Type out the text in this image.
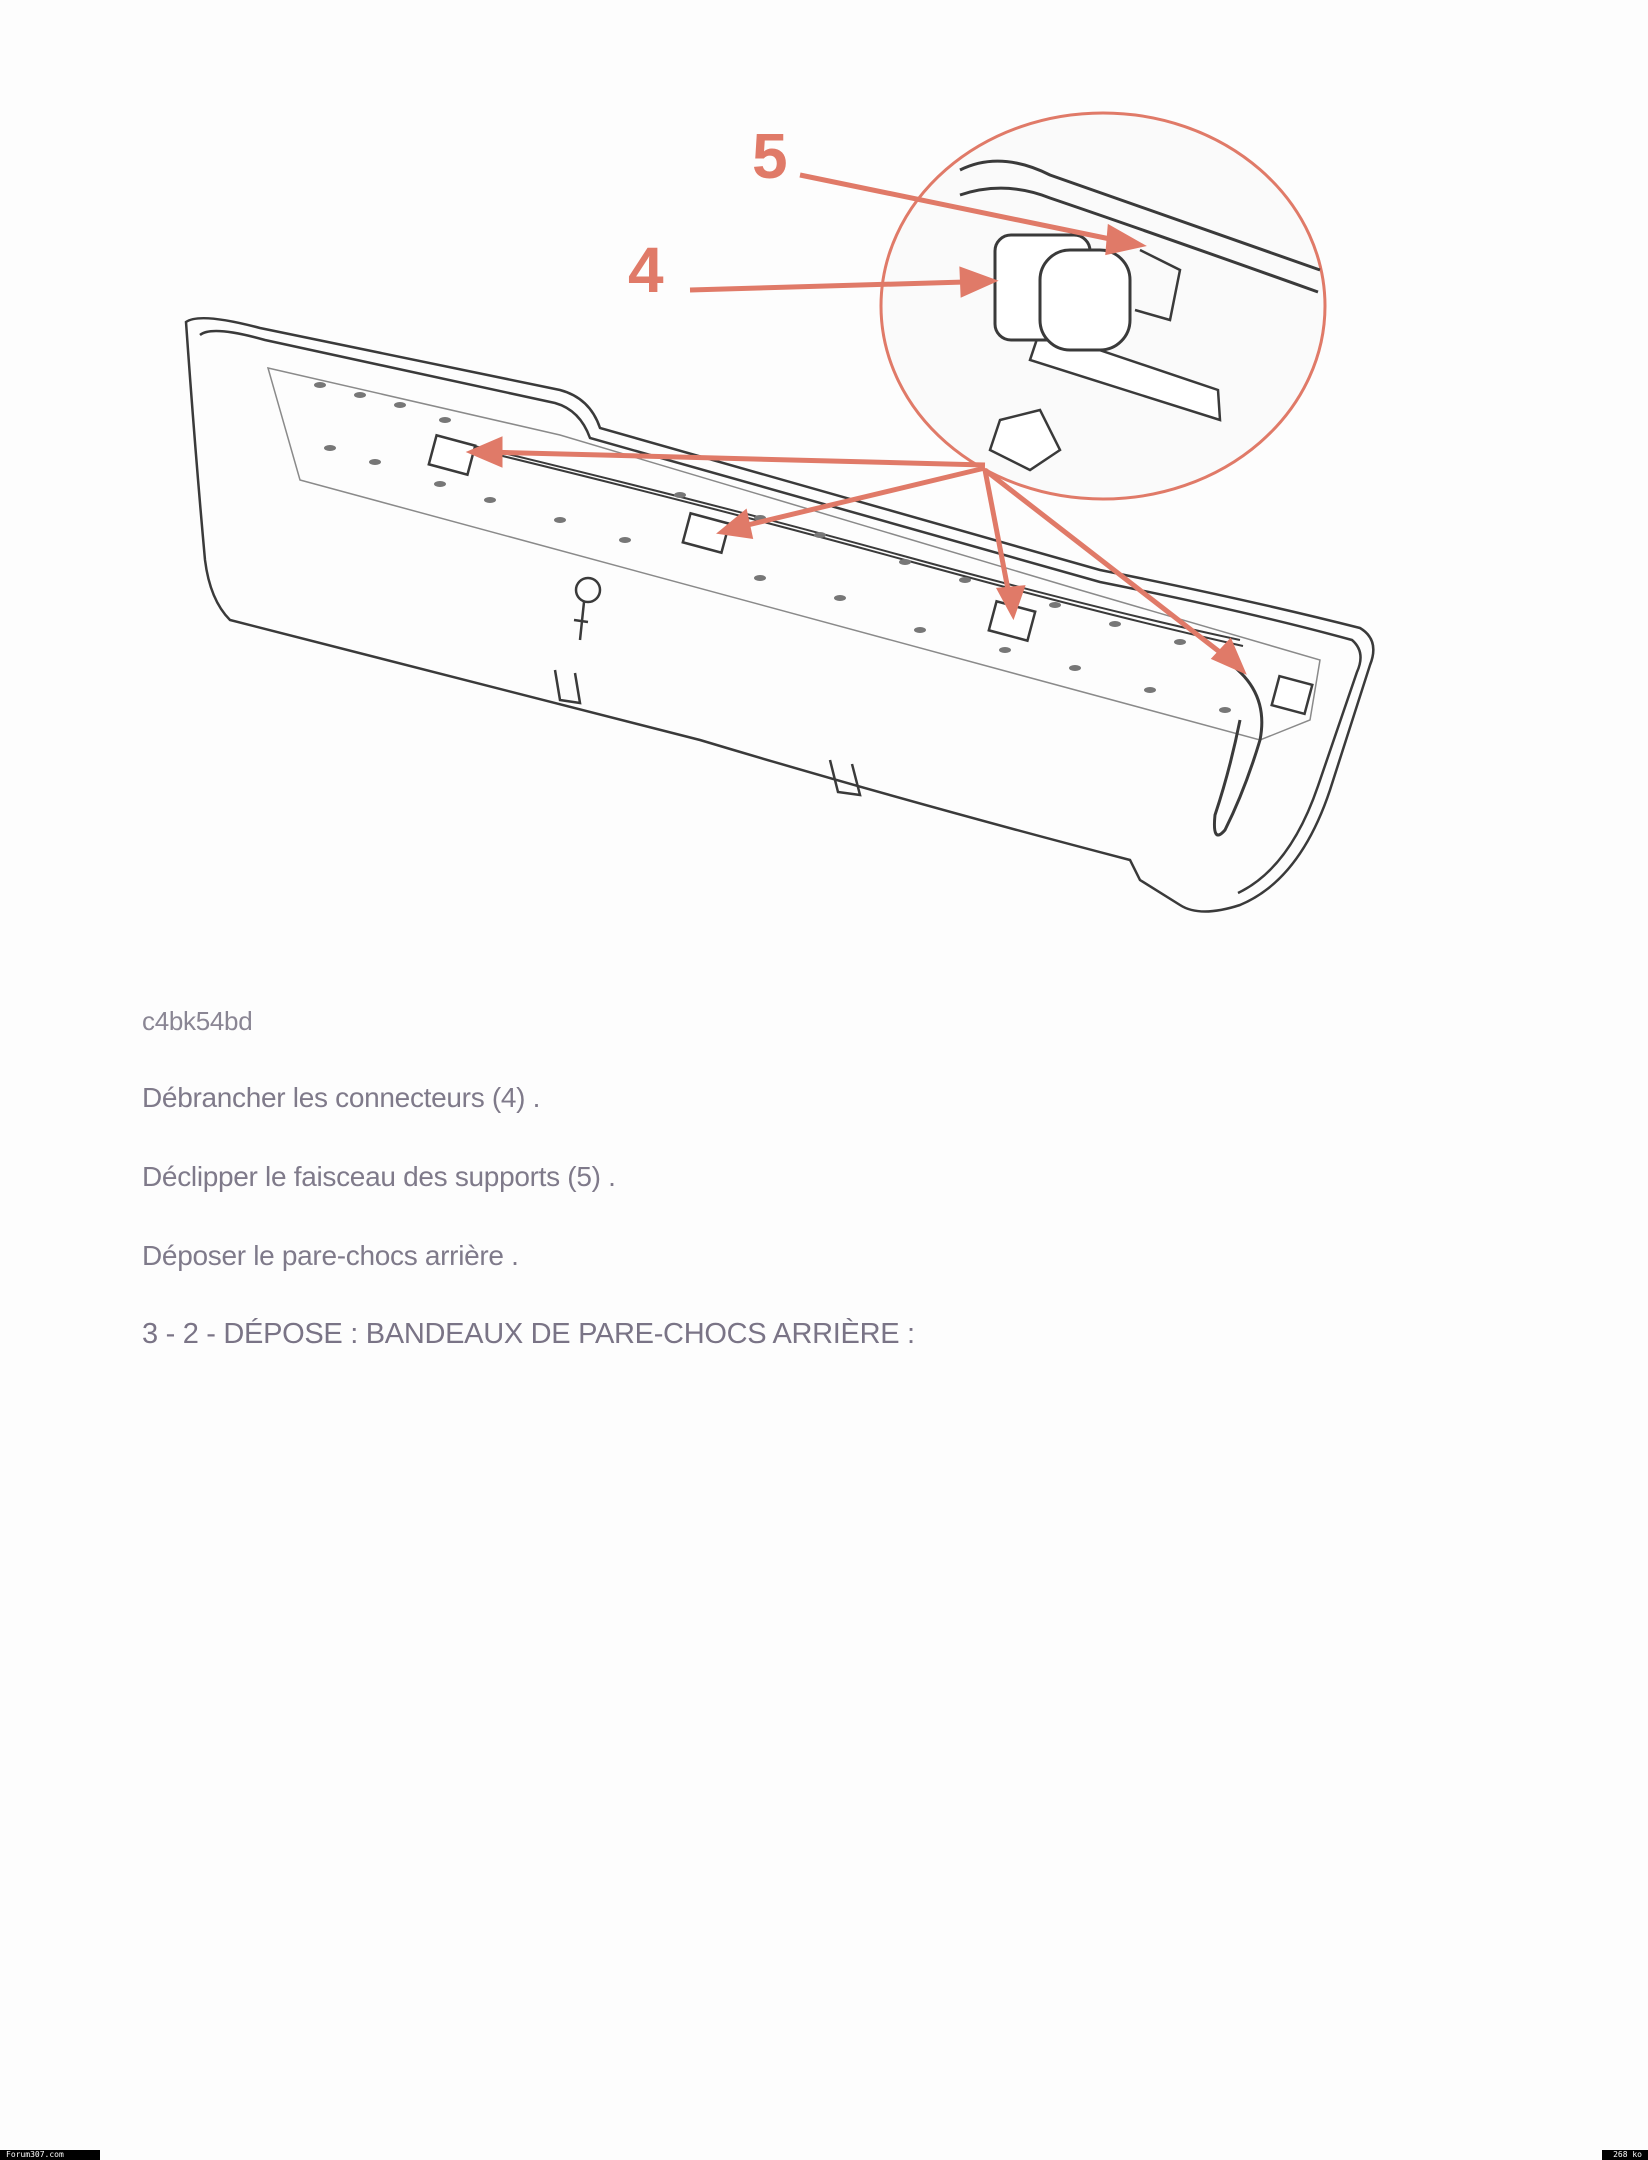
5
4

c4bk54bd

Débrancher les connecteurs (4) .

Déclipper le faisceau des supports (5) .

Déposer le pare-chocs arrière .

3 - 2 - DÉPOSE : BANDEAUX DE PARE-CHOCS ARRIÈRE :

Forum307.com	268 ko
